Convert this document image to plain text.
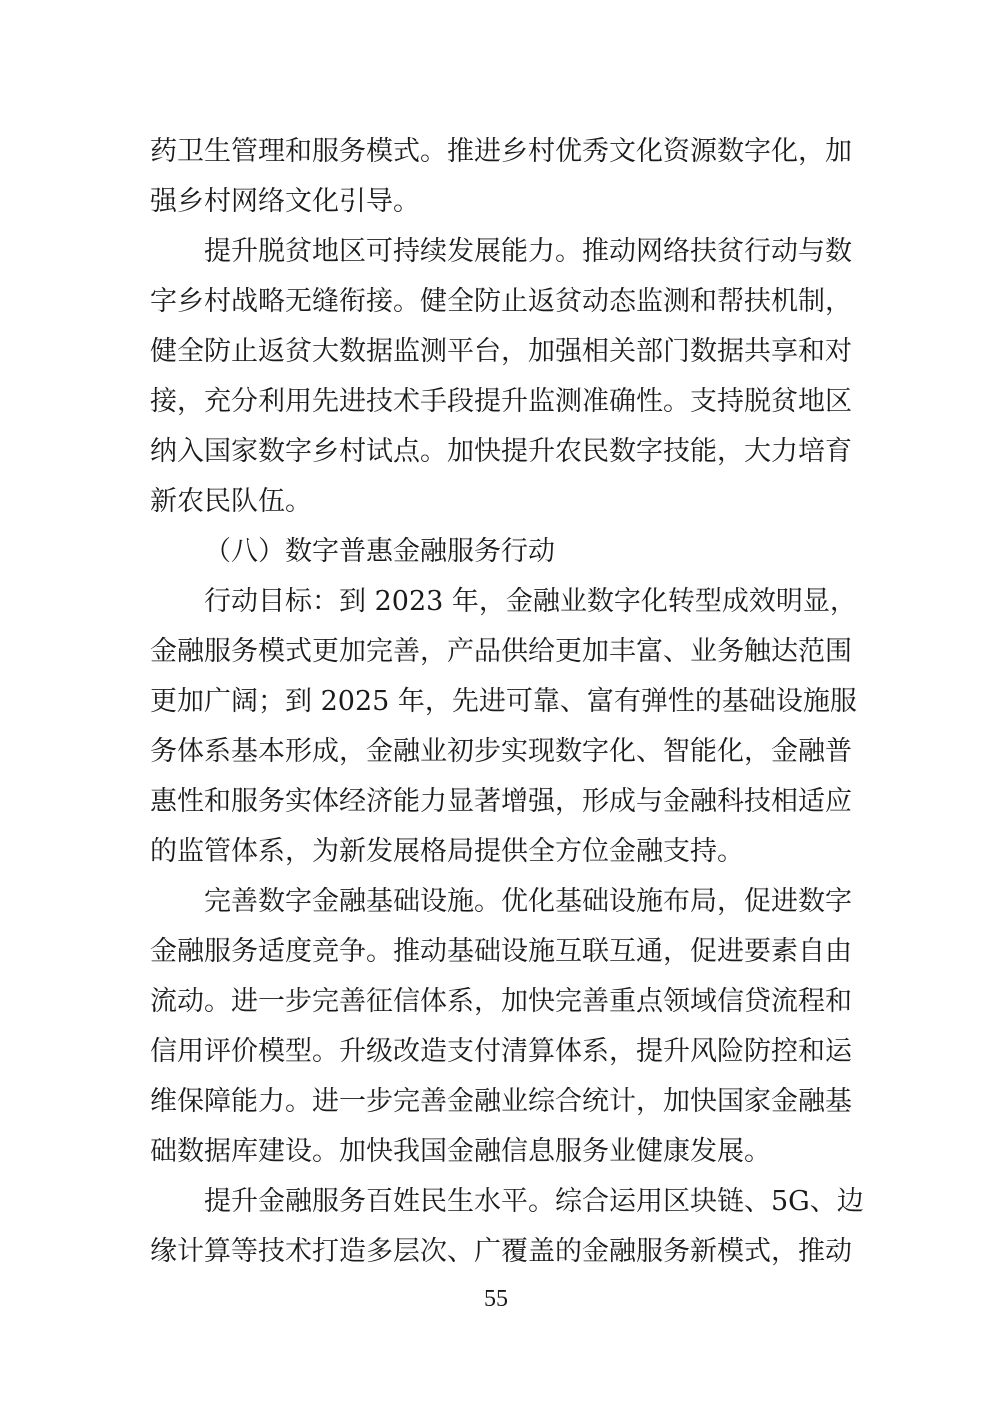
药卫生管理和服务模式。推进乡村优秀文化资源数字化，加
强乡村网络文化引导。
提升脱贫地区可持续发展能力。推动网络扶贫行动与数
字乡村战略无缝衔接。健全防止返贫动态监测和帮扶机制，
健全防止返贫大数据监测平台，加强相关部门数据共享和对
接，充分利用先进技术手段提升监测准确性。支持脱贫地区
纳入国家数字乡村试点。加快提升农民数字技能，大力培育
新农民队伍。
（八）数字普惠金融服务行动
行动目标：到 2023 年，金融业数字化转型成效明显，
金融服务模式更加完善，产品供给更加丰富、业务触达范围
更加广阔；到 2025 年，先进可靠、富有弹性的基础设施服
务体系基本形成，金融业初步实现数字化、智能化，金融普
惠性和服务实体经济能力显著增强，形成与金融科技相适应
的监管体系，为新发展格局提供全方位金融支持。
完善数字金融基础设施。优化基础设施布局，促进数字
金融服务适度竞争。推动基础设施互联互通，促进要素自由
流动。进一步完善征信体系，加快完善重点领域信贷流程和
信用评价模型。升级改造支付清算体系，提升风险防控和运
维保障能力。进一步完善金融业综合统计，加快国家金融基
础数据库建设。加快我国金融信息服务业健康发展。
提升金融服务百姓民生水平。综合运用区块链、5G、边
缘计算等技术打造多层次、广覆盖的金融服务新模式，推动
55
